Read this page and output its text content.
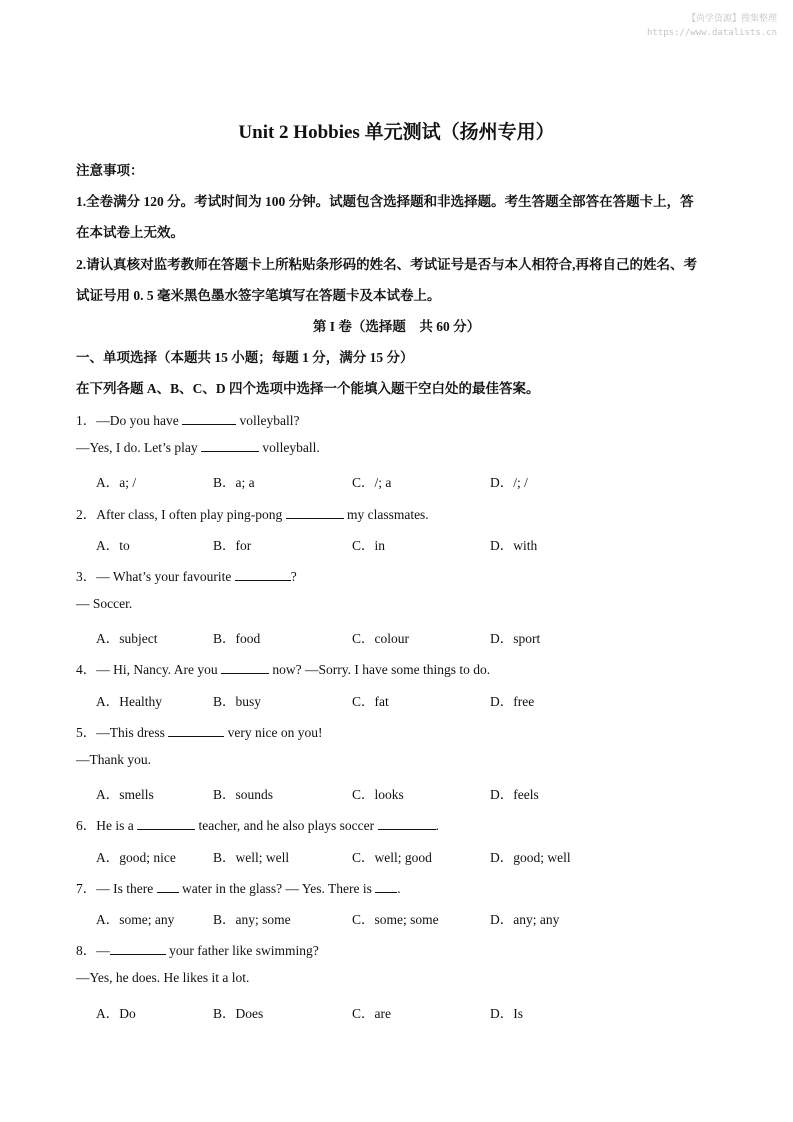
【尚学资源】搜集整理
https://www.datalists.cn
Unit 2 Hobbies 单元测试（扬州专用）
注意事项：
1.全卷满分 120 分。考试时间为 100 分钟。试题包含选择题和非选择题。考生答题全部答在答题卡上，答
在本试卷上无效。
2.请认真核对监考教师在答题卡上所粘贴条形码的姓名、考试证号是否与本人相符合,再将自己的姓名、考
试证号用 0. 5 毫米黑色墨水签字笔填写在答题卡及本试卷上。
第 I 卷（选择题　共 60 分）
一、单项选择（本题共 15 小题；每题 1 分，满分 15 分）
在下列各题 A、B、C、D 四个选项中选择一个能填入题干空白处的最佳答案。
1．—Do you have	volleyball?
—Yes, I do. Let’s play	volleyball.
A．a; /	B．a; a	C．/; a	D．/; /
2．After class, I often play ping-pong	my classmates.
A．to	B．for	C．in	D．with
3．— What’s your favourite	?
— Soccer.
A．subject	B．food	C．colour	D．sport
4．— Hi, Nancy. Are you	now? —Sorry. I have some things to do.
A．Healthy	B．busy	C．fat	D．free
5．—This dress	very nice on you!
—Thank you.
A．smells	B．sounds	C．looks	D．feels
6．He is a	teacher, and he also plays soccer	.
A．good; nice	B．well; well	C．well; good	D．good; well
7．— Is there  water in the glass? — Yes. There is .
A．some; any	B．any; some	C．some; some	D．any; any
8．—	your father like swimming?
—Yes, he does. He likes it a lot.
A．Do	B．Does	C．are	D．Is
